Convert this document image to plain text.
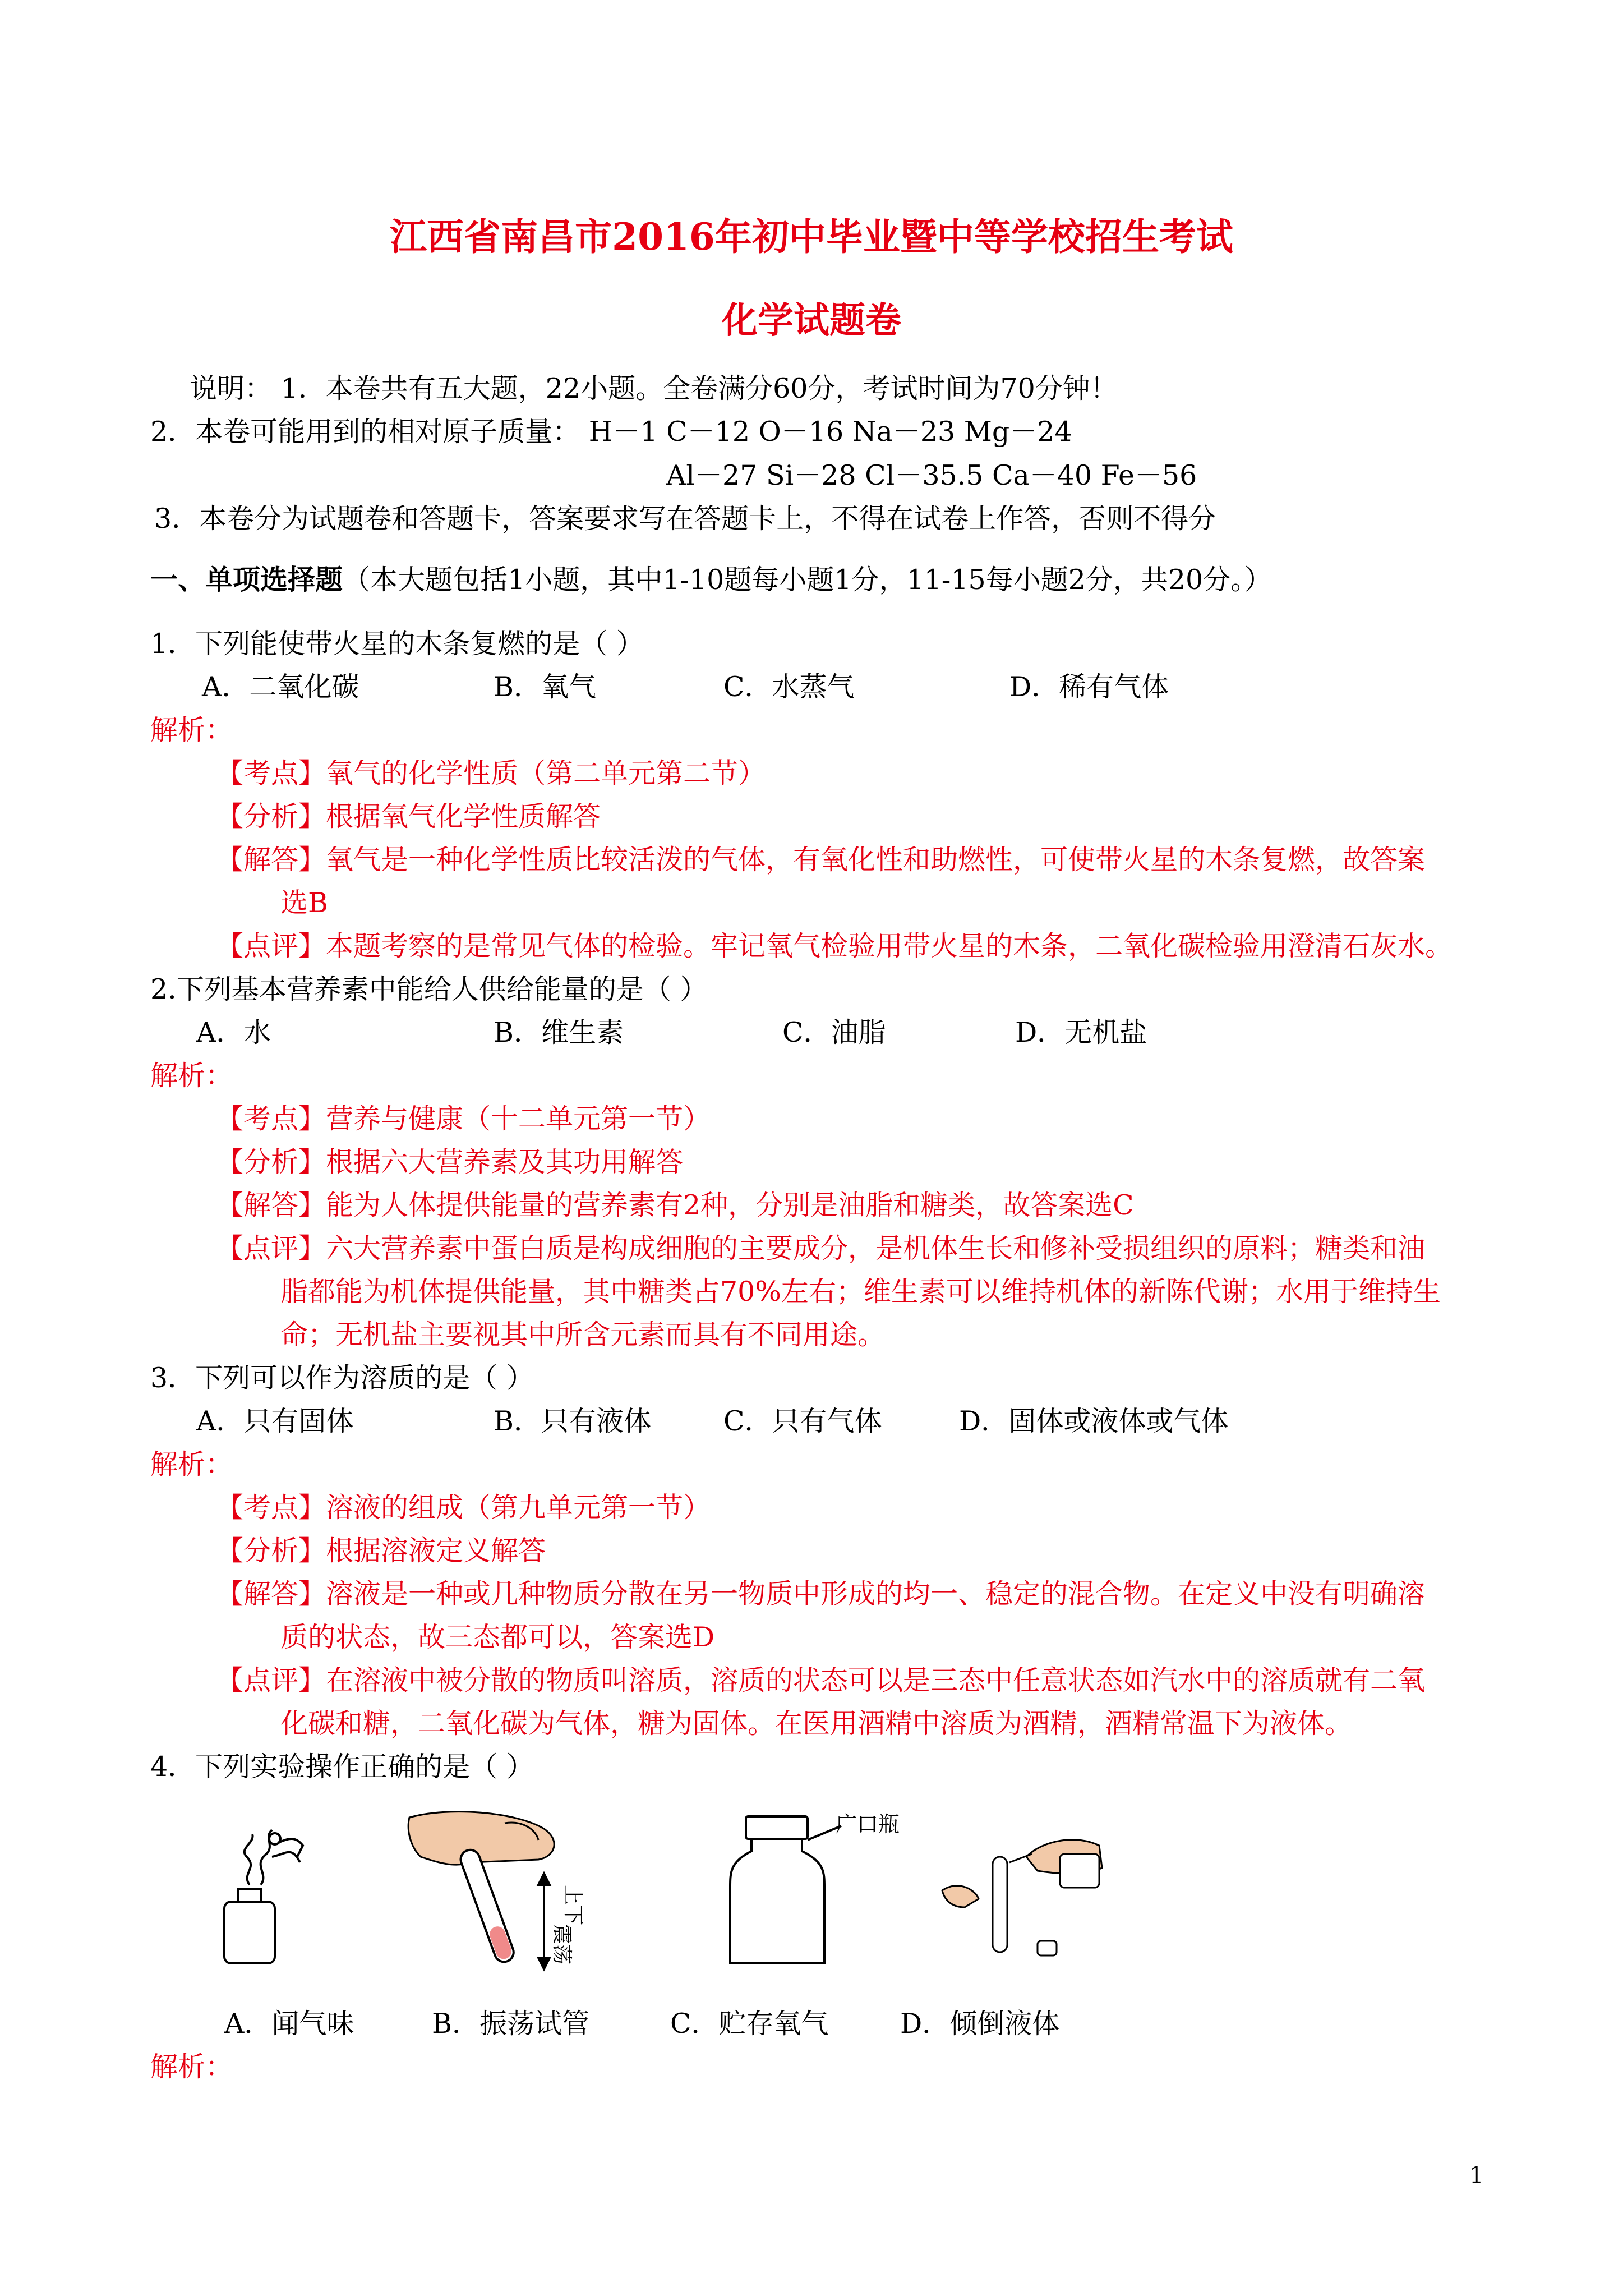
江西省南昌市2016年初中毕业暨中等学校招生考试
化学试题卷
说明： 1．本卷共有五大题，22小题。全卷满分60分，考试时间为70分钟！
2．本卷可能用到的相对原子质量： H－1 C－12 O－16 Na－23 Mg－24
Al－27 Si－28 Cl－35.5 Ca－40 Fe－56
3．本卷分为试题卷和答题卡，答案要求写在答题卡上，不得在试卷上作答，否则不得分
一、单项选择题（本大题包括1小题，其中1-10题每小题1分，11-15每小题2分，共20分。）
1．下列能使带火星的木条复燃的是（ ）
A．二氧化碳	B．氧气	C．水蒸气	D．稀有气体
解析：
【考点】氧气的化学性质（第二单元第二节）
【分析】根据氧气化学性质解答
【解答】氧气是一种化学性质比较活泼的气体，有氧化性和助燃性，可使带火星的木条复燃，故答案
选B
【点评】本题考察的是常见气体的检验。牢记氧气检验用带火星的木条，二氧化碳检验用澄清石灰水。
2.下列基本营养素中能给人供给能量的是（ ）
A．水	B．维生素	C．油脂	D．无机盐
解析：
【考点】营养与健康（十二单元第一节）
【分析】根据六大营养素及其功用解答
【解答】能为人体提供能量的营养素有2种，分别是油脂和糖类，故答案选C
【点评】六大营养素中蛋白质是构成细胞的主要成分，是机体生长和修补受损组织的原料；糖类和油
脂都能为机体提供能量，其中糖类占70%左右；维生素可以维持机体的新陈代谢；水用于维持生
命；无机盐主要视其中所含元素而具有不同用途。
3．下列可以作为溶质的是（ ）
A．只有固体	B．只有液体	C．只有气体	D．固体或液体或气体
解析：
【考点】溶液的组成（第九单元第一节）
【分析】根据溶液定义解答
【解答】溶液是一种或几种物质分散在另一物质中形成的均一、稳定的混合物。在定义中没有明确溶
质的状态，故三态都可以，答案选D
【点评】在溶液中被分散的物质叫溶质，溶质的状态可以是三态中任意状态如汽水中的溶质就有二氧
化碳和糖，二氧化碳为气体，糖为固体。在医用酒精中溶质为酒精，酒精常温下为液体。
4．下列实验操作正确的是（ ）
上下
震荡
广口瓶
A．闻气味	B．振荡试管	C．贮存氧气	D．倾倒液体
解析：
1
